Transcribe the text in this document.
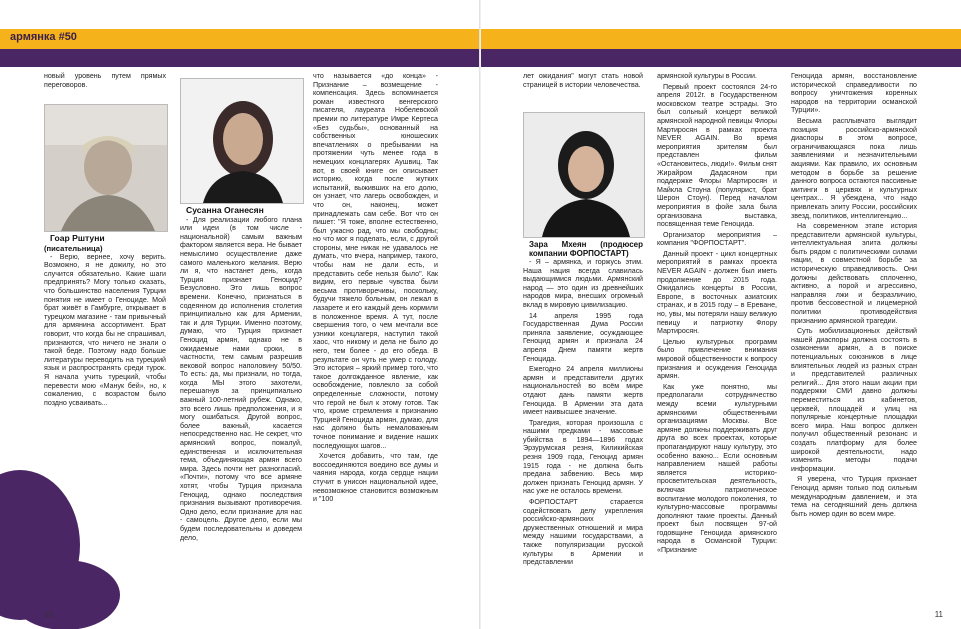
армянка #50

новый уровень путем прямых переговоров.

Гоар Рштуни
(писательница)

- Верю, вернее, хочу верить. Возможно, я не дожилу, но это случится обязательно. Какие шаги предпринять? Могу только сказать, что большинство населения Турции понятия не имеет о Геноциде. Мой брат живёт в Гамбурге, открывает в турецком магазине - там привычный для армянина ассортимент. Брат говорит, что когда бы не спрашивал, признаются, что ничего не знали о такой беде. Поэтому надо больше литературы переводить на турецкий язык и распространять среди турок. Я начала учить турецкий, чтобы перевести мою «Манук бей», но, к сожалению, с возрастом было поздно усваивать...

Сусанна Оганесян

- Для реализации любого плана или идеи (в том числе - национальной) самым важным фактором является вера. Не бывает немыслимо осуществление даже самого маленького желания. Верю ли я, что настанет день, когда Турция признает Геноцид? Безусловно. Это лишь вопрос времени. Конечно, признаться в содеянном до исполнения столетия принципиально как для Армении, так и для Турции. Именно поэтому, думаю, что Турция признает Геноцид армян, однако не в ожидаемые нами сроки, в частности, тем самым разрешив вековой вопрос наполовину 50/50. То есть: да, мы признали, но тогда, когда МЫ этого захотели, перешагнув за принципиально важный 100-летний рубеж. Однако, это всего лишь предположения, и я могу ошибаться. Другой вопрос, более важный, касается непосредственно нас. Не секрет, что армянский вопрос, пожалуй, единственная и исключительная тема, объединяющая армян всего мира. Здесь почти нет разногласий. «Почти», потому что все армяне хотят, чтобы Турция признала Геноцид, однако последствия признания вызывают противоречия. Одно дело, если признание для нас - самоцель. Другое дело, если мы будем последовательны и доведем дело,

что называется «до конца» - Признание – возмещение - компенсация. Здесь вспоминается роман известного венгерского писателя, лауреата Нобелевской премии по литературе Имре Кертеса «Без судьбы», основанный на собственных юношеских впечатлениях о пребывании на протяжении чуть менее года в немецких концлагерях Аушвиц. Так вот, в своей книге он описывает историю, когда после жутких испытаний, выживших на его долю, он узнает, что лагерь освобожден, и что он, наконец, может принадлежать сам себе. Вот что он пишет: "Я тоже, вполне естественно, был ужасно рад, что мы свободны; но что мог я поделать, если, с другой стороны, мне никак не удавалось не думать, что вчера, например, такого, чтобы нам не дали есть, и представить себе нельзя было". Как видим, его первые чувства были весьма противоречивы, поскольку, будучи тяжело больным, он лежал в лазарете и его каждый день кормили в положенное время. А тут, после свершения того, о чем мечтали все узники концлагеря, наступил такой хаос, что никому и дела не было до него, тем более - до его обеда. В результате он чуть не умер с голоду. Это история – яркий пример того, что такое долгожданное явление, как освобождение, повлекло за собой определенные сложности, потому что герой не был к этому готов. Так что, кроме стремления к признанию Турцией Геноцида армян, думаю, для нас должно быть немаловажным точное понимание и видение наших последующих шагов...

Хочется добавить, что там, где воссоединяются воедино все думы и чаяния народа, когда сердце нации стучит в унисон национальной идее, невозможное становится возможным и "100

10

лет ожидания" могут стать новой страницей в истории человечества.

Зара Мхеян (продюсер компании ФОРПОСТАРТ)

- Я – армянка, и горжусь этим. Наша нация всегда славилась выдающимися людьми. Армянский народ — это один из древнейших народов мира, внесших огромный вклад в мировую цивилизацию.

14 апреля 1995 года Государственная Дума России приняла заявление, осуждающее Геноцид армян и признала 24 апреля Днем памяти жертв Геноцида.

Ежегодно 24 апреля миллионы армян и представители других национальностей во всём мире отдают дань памяти жертв Геноцида. В Армении эта дата имеет наивысшее значение.

Трагедия, которая произошла с нашими предками - массовые убийства в 1894—1896 годах Эрзурумская резня, Киликийская резня 1909 года, Геноцид армян 1915 года - не должна быть предана забвению. Весь мир должен признать Геноцид армян. У нас уже не осталось времени.

ФОРПОСТАРТ старается содействовать делу укрепления российско-армянских дружественных отношений и мира между нашими государствами, а также популяризации русской культуры в Армении и представлении

армянской культуры в России.

Первый проект состоялся 24-го апреля 2012г. в Государственном московском театре эстрады. Это был сольный концерт великой армянской народной певицы Флоры Мартиросян в рамках проекта NEVER AGAIN. Во время мероприятия зрителям был представлен фильм «Остановитесь, люди!». Фильм снят Жирайром Дадасяном при поддержке Флоры Мартиросян и Майкла Стоуна (популярист, брат Шерон Стоун). Перед началом мероприятия в фойе зала была организована выставка, посвященная теме Геноцида.

Организатор мероприятия – компания "ФОРПОСТАРТ".

Данный проект - цикл концертных мероприятий в рамках проекта NEVER AGAIN - должен был иметь продолжение до 2015 года. Ожидались концерты в России, Европе, в восточных азиатских странах, и в 2015 году – в Ереване, но, увы, мы потеряли нашу великую певицу и патриотку Флору Мартиросян.

Целью культурных программ было привлечение внимания мировой общественности к вопросу признания и осуждения Геноцида армян.

Как уже понятно, мы предполагали сотрудничество между всеми культурными армянскими общественными организациями Москвы. Все армяне должны поддерживать друг друга во всех проектах, которые пропагандируют нашу культуру, это особенно важно... Если основным направлением нашей работы является историко-просветительская деятельность, включая патриотическое воспитание молодого поколения, то культурно-массовые программы дополняют такие проекты. Данный проект был посвящен 97-ой годовщине Геноцида армянского народа в Османской Турции: «Признание

Геноцида армян, восстановление исторической справедливости по вопросу уничтожения коренных народов на территории османской Турции».

Весьма расплывчато выглядит позиция российско-армянской диаспоры в этом вопросе, ограничивающаяся пока лишь заявлениями и незначительными акциями. Как правило, их основным методом в борьбе за решение данного вопроса остаются пассивные митинги в церквях и культурных центрах... Я убеждена, что надо привлекать элиту России, российских звезд, политиков, интеллигенцию...

На современном этапе история представители армянской культуры, интеллектуальная элита должны быть рядом с политическими силами нации, в совместной борьбе за историческую справедливость. Они должны действовать сплоченно, активно, а порой и агрессивно, направляя лжи и безразличию, против бессовестной и лицемерной политики противодействия признанию армянской трагедии.

Суть мобилизационных действий нашей диаспоры должна состоять в озаконении армян, а в поиске потенциальных союзников в лице влиятельных людей из разных стран и представителей различных религий... Для этого наши акции при поддержки СМИ давно должны переместиться из кабинетов, церквей, площадей и улиц на популярные концертные площадки всего мира. Наш вопрос должен получил общественный резонанс и создать платформу для более широкой деятельности, надо изменить методы подачи информации.

Я уверена, что Турция признает Геноцид армян только под сильным международным давлением, и эта тема на сегодняшний день должна быть номер один во всем мире.

11
